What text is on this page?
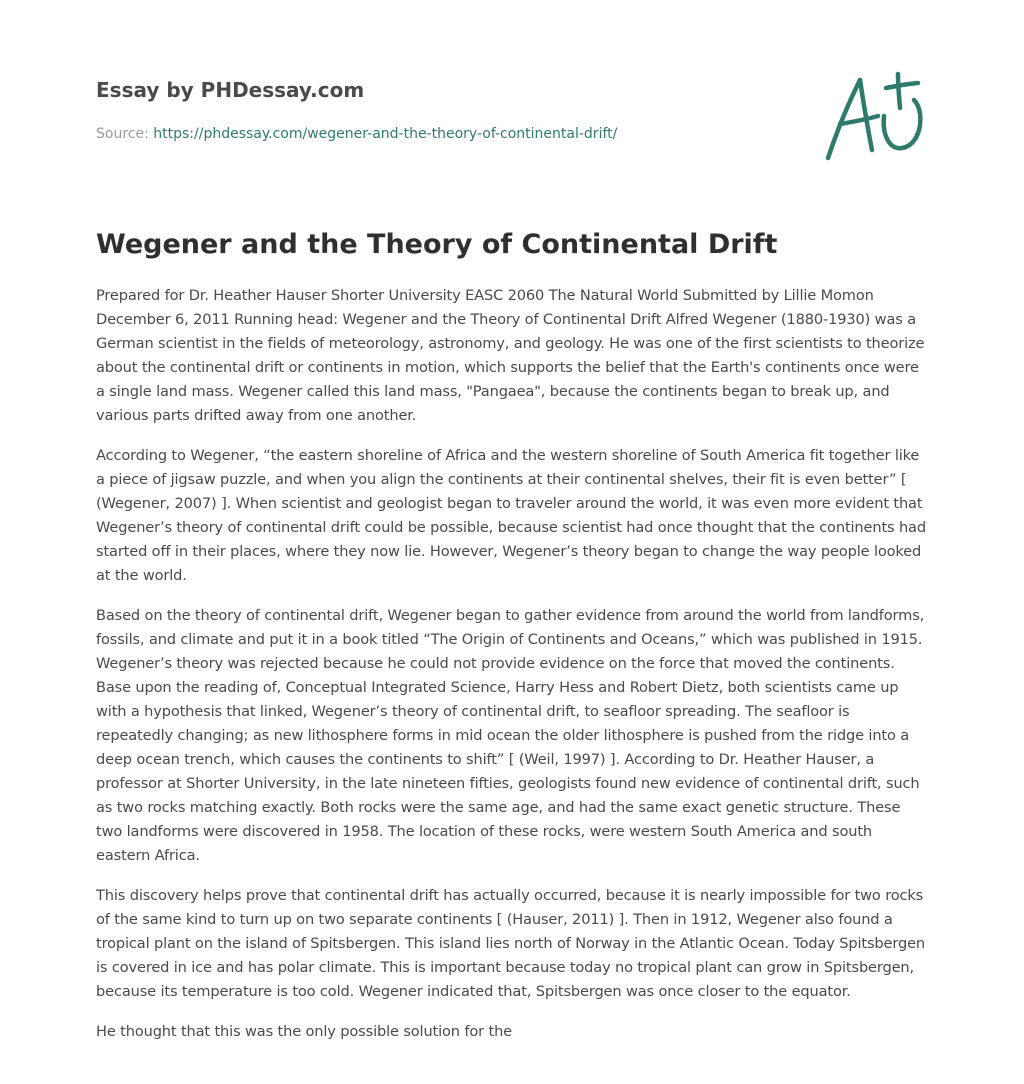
Essay by PHDessay.com
Source: https://phdessay.com/wegener-and-the-theory-of-continental-drift/
Wegener and the Theory of Continental Drift

Prepared for Dr. Heather Hauser Shorter University EASC 2060 The Natural World Submitted by Lillie Momon December 6, 2011 Running head: Wegener and the Theory of Continental Drift Alfred Wegener (1880-1930) was a German scientist in the fields of meteorology, astronomy, and geology. He was one of the first scientists to theorize about the continental drift or continents in motion, which supports the belief that the Earth's continents once were a single land mass. Wegener called this land mass, "Pangaea", because the continents began to break up, and various parts drifted away from one another.

According to Wegener, “the eastern shoreline of Africa and the western shoreline of South America fit together like a piece of jigsaw puzzle, and when you align the continents at their continental shelves, their fit is even better” [ (Wegener, 2007) ]. When scientist and geologist began to traveler around the world, it was even more evident that Wegener’s theory of continental drift could be possible, because scientist had once thought that the continents had started off in their places, where they now lie. However, Wegener’s theory began to change the way people looked at the world.

Based on the theory of continental drift, Wegener began to gather evidence from around the world from landforms, fossils, and climate and put it in a book titled “The Origin of Continents and Oceans,” which was published in 1915. Wegener’s theory was rejected because he could not provide evidence on the force that moved the continents. Base upon the reading of, Conceptual Integrated Science, Harry Hess and Robert Dietz, both scientists came up with a hypothesis that linked, Wegener’s theory of continental drift, to seafloor spreading. The seafloor is repeatedly changing; as new lithosphere forms in mid ocean the older lithosphere is pushed from the ridge into a deep ocean trench, which causes the continents to shift” [ (Weil, 1997) ]. According to Dr. Heather Hauser, a professor at Shorter University, in the late nineteen fifties, geologists found new evidence of continental drift, such as two rocks matching exactly. Both rocks were the same age, and had the same exact genetic structure. These two landforms were discovered in 1958. The location of these rocks, were western South America and south eastern Africa.

This discovery helps prove that continental drift has actually occurred, because it is nearly impossible for two rocks of the same kind to turn up on two separate continents [ (Hauser, 2011) ]. Then in 1912, Wegener also found a tropical plant on the island of Spitsbergen. This island lies north of Norway in the Atlantic Ocean. Today Spitsbergen is covered in ice and has polar climate. This is important because today no tropical plant can grow in Spitsbergen, because its temperature is too cold. Wegener indicated that, Spitsbergen was once closer to the equator.

He thought that this was the only possible solution for the
